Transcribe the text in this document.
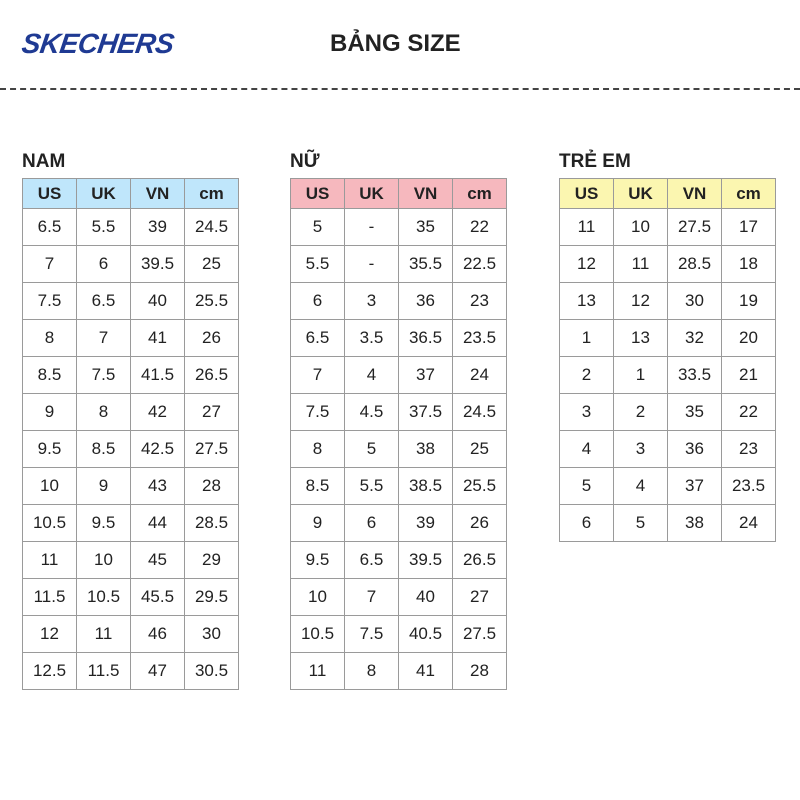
SKECHERS	BẢNG SIZE
NAM
US	UK	VN	cm
6.5	5.5	39	24.5
7	6	39.5	25
7.5	6.5	40	25.5
8	7	41	26
8.5	7.5	41.5	26.5
9	8	42	27
9.5	8.5	42.5	27.5
10	9	43	28
10.5	9.5	44	28.5
11	10	45	29
11.5	10.5	45.5	29.5
12	11	46	30
12.5	11.5	47	30.5
NỮ
US	UK	VN	cm
5	-	35	22
5.5	-	35.5	22.5
6	3	36	23
6.5	3.5	36.5	23.5
7	4	37	24
7.5	4.5	37.5	24.5
8	5	38	25
8.5	5.5	38.5	25.5
9	6	39	26
9.5	6.5	39.5	26.5
10	7	40	27
10.5	7.5	40.5	27.5
11	8	41	28
TRẺ EM
US	UK	VN	cm
11	10	27.5	17
12	11	28.5	18
13	12	30	19
1	13	32	20
2	1	33.5	21
3	2	35	22
4	3	36	23
5	4	37	23.5
6	5	38	24
